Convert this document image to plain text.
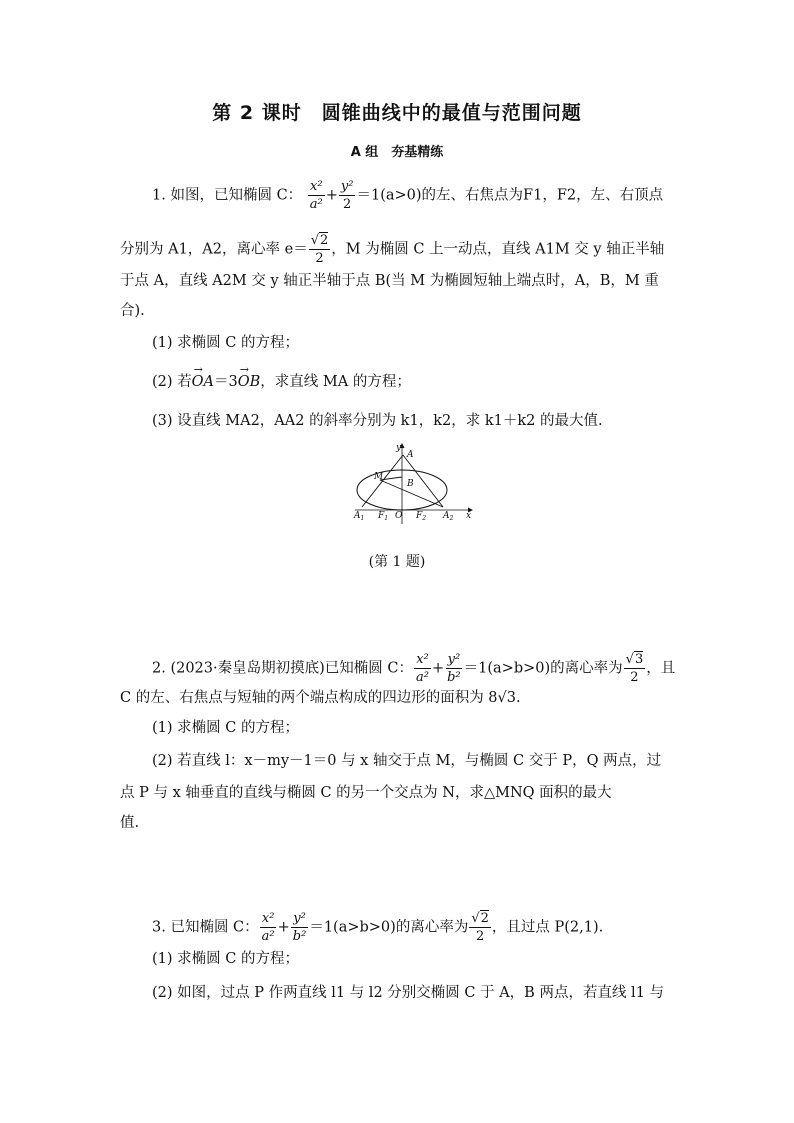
第 2 课时　圆锥曲线中的最值与范围问题
A 组　夯基精练
1. 如图，已知椭圆 C： $\frac{\text{x²}}{\text{a²}} + \frac{\text{y²}}{2} =1(a>0)$的左、右焦点为F1，F2，左、右顶点
分别为 A1，A2，离心率 $e= \frac{√2}{2}$ ，M 为椭圆 C 上一动点，直线 A1M 交 y 轴正半轴
于点 A，直线 A2M 交 y 轴正半轴于点 B(当 M 为椭圆短轴上端点时，A，B，M 重
合).
(1) 求椭圆 C 的方程；
(2) 若→ OA＝3→ OB，求直线 MA 的方程；
(3) 设直线 MA2，AA2 的斜率分别为 k1，k2，求 k1＋k2 的最大值.
y
A
M
B
$A_1$ $F_1$ O $F_2$ $A_2$ x
(第 1 题)
2. (2023·秦皇岛期初摸底)已知椭圆 C： $\frac{\text{x²}}{\text{a²}} + \frac{\text{y²}}{\text{b²}} =1(a>b>0)$的离心率为 $\frac{√3}{2}$ ，且
C 的左、右焦点与短轴的两个端点构成的四边形的面积为 8√3.
(1) 求椭圆 C 的方程；
(2) 若直线 l：x－my－1＝0 与 x 轴交于点 M，与椭圆 C 交于 P，Q 两点，过
点 P 与 x 轴垂直的直线与椭圆 C 的另一个交点为 N，求△MNQ 面积的最大
值.
3. 已知椭圆 C： $\frac{\text{x²}}{\text{a²}} + \frac{\text{y²}}{\text{b²}} =1(a>b>0)$的离心率为 $\frac{√2}{2}$ ，且过点 P(2,1).
(1) 求椭圆 C 的方程；
(2) 如图，过点 P 作两直线 l1 与 l2 分别交椭圆 C 于 A，B 两点，若直线 l1 与
